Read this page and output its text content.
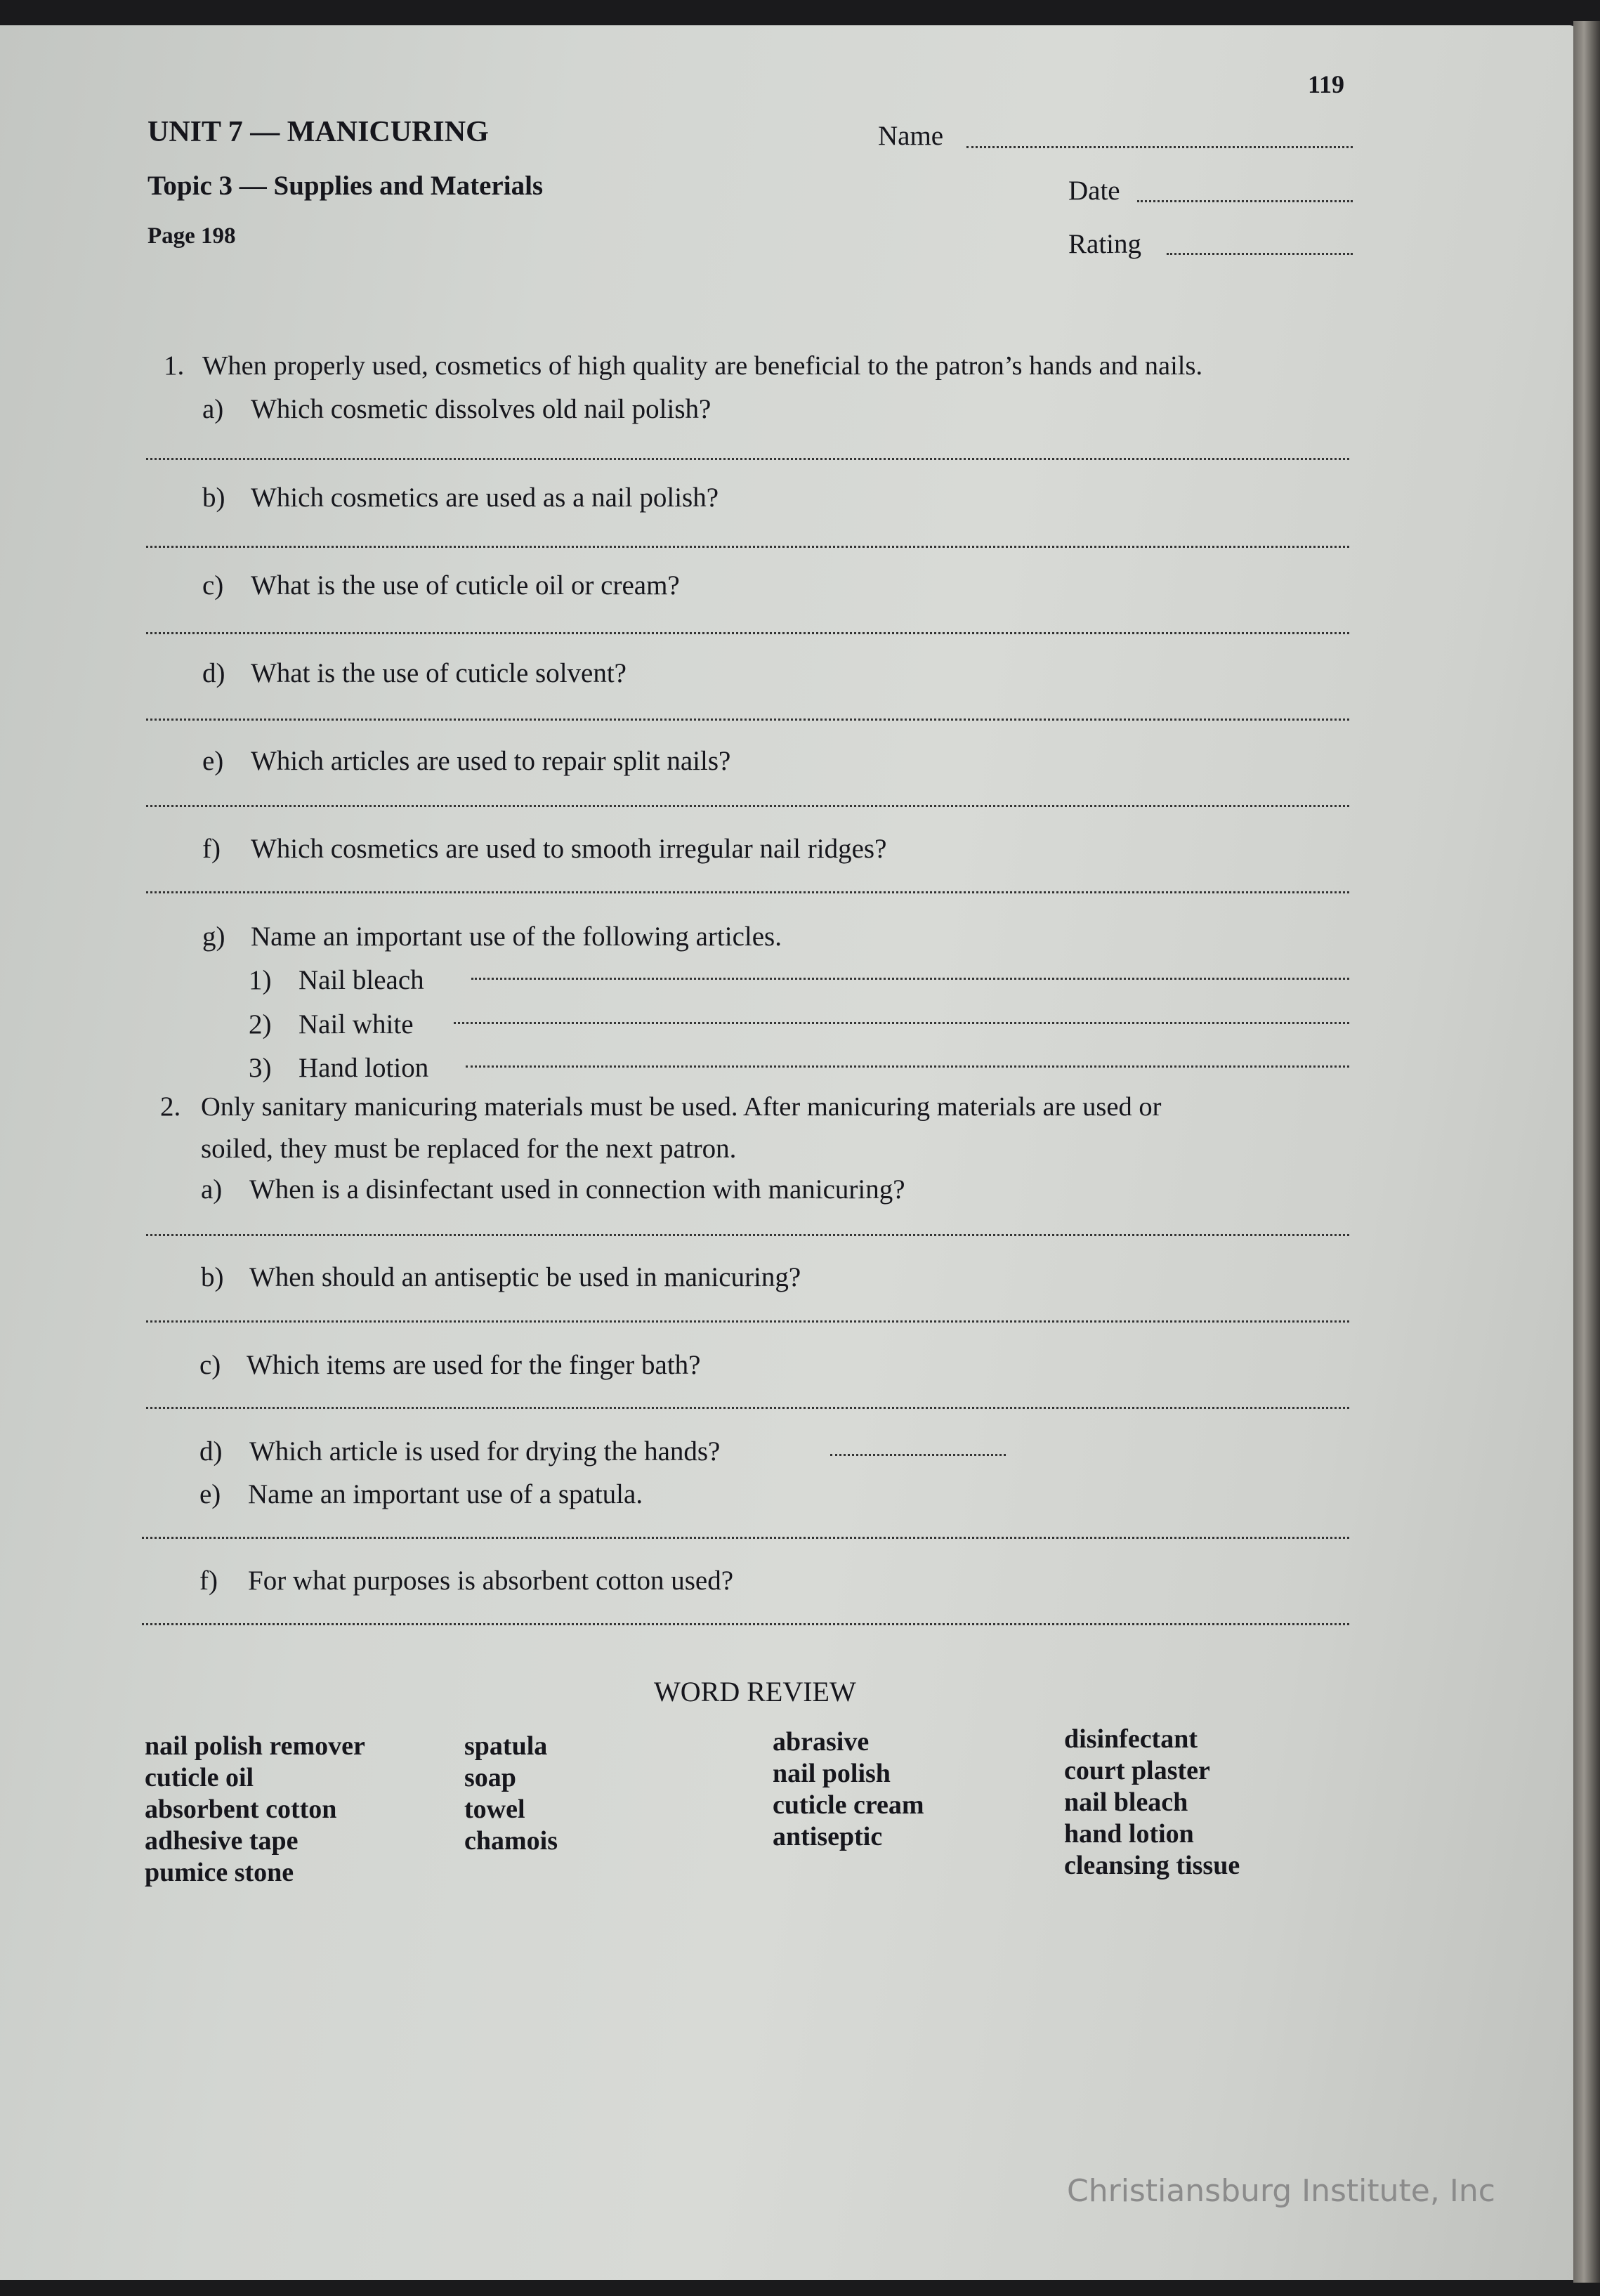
119
UNIT 7 — MANICURING
Topic 3 — Supplies and Materials
Page 198
Name
Date
Rating
1. When properly used, cosmetics of high quality are beneficial to the patron’s hands and nails.
a) Which cosmetic dissolves old nail polish?
b) Which cosmetics are used as a nail polish?
c) What is the use of cuticle oil or cream?
d) What is the use of cuticle solvent?
e) Which articles are used to repair split nails?
f) Which cosmetics are used to smooth irregular nail ridges?
g) Name an important use of the following articles.
1) Nail bleach
2) Nail white
3) Hand lotion
2. Only sanitary manicuring materials must be used. After manicuring materials are used or
soiled, they must be replaced for the next patron.
a) When is a disinfectant used in connection with manicuring?
b) When should an antiseptic be used in manicuring?
c) Which items are used for the finger bath?
d) Which article is used for drying the hands?
e) Name an important use of a spatula.
f) For what purposes is absorbent cotton used?
WORD REVIEW
nail polish remover
cuticle oil
absorbent cotton
adhesive tape
pumice stone
spatula
soap
towel
chamois
abrasive
nail polish
cuticle cream
antiseptic
disinfectant
court plaster
nail bleach
hand lotion
cleansing tissue
Christiansburg Institute, Inc
